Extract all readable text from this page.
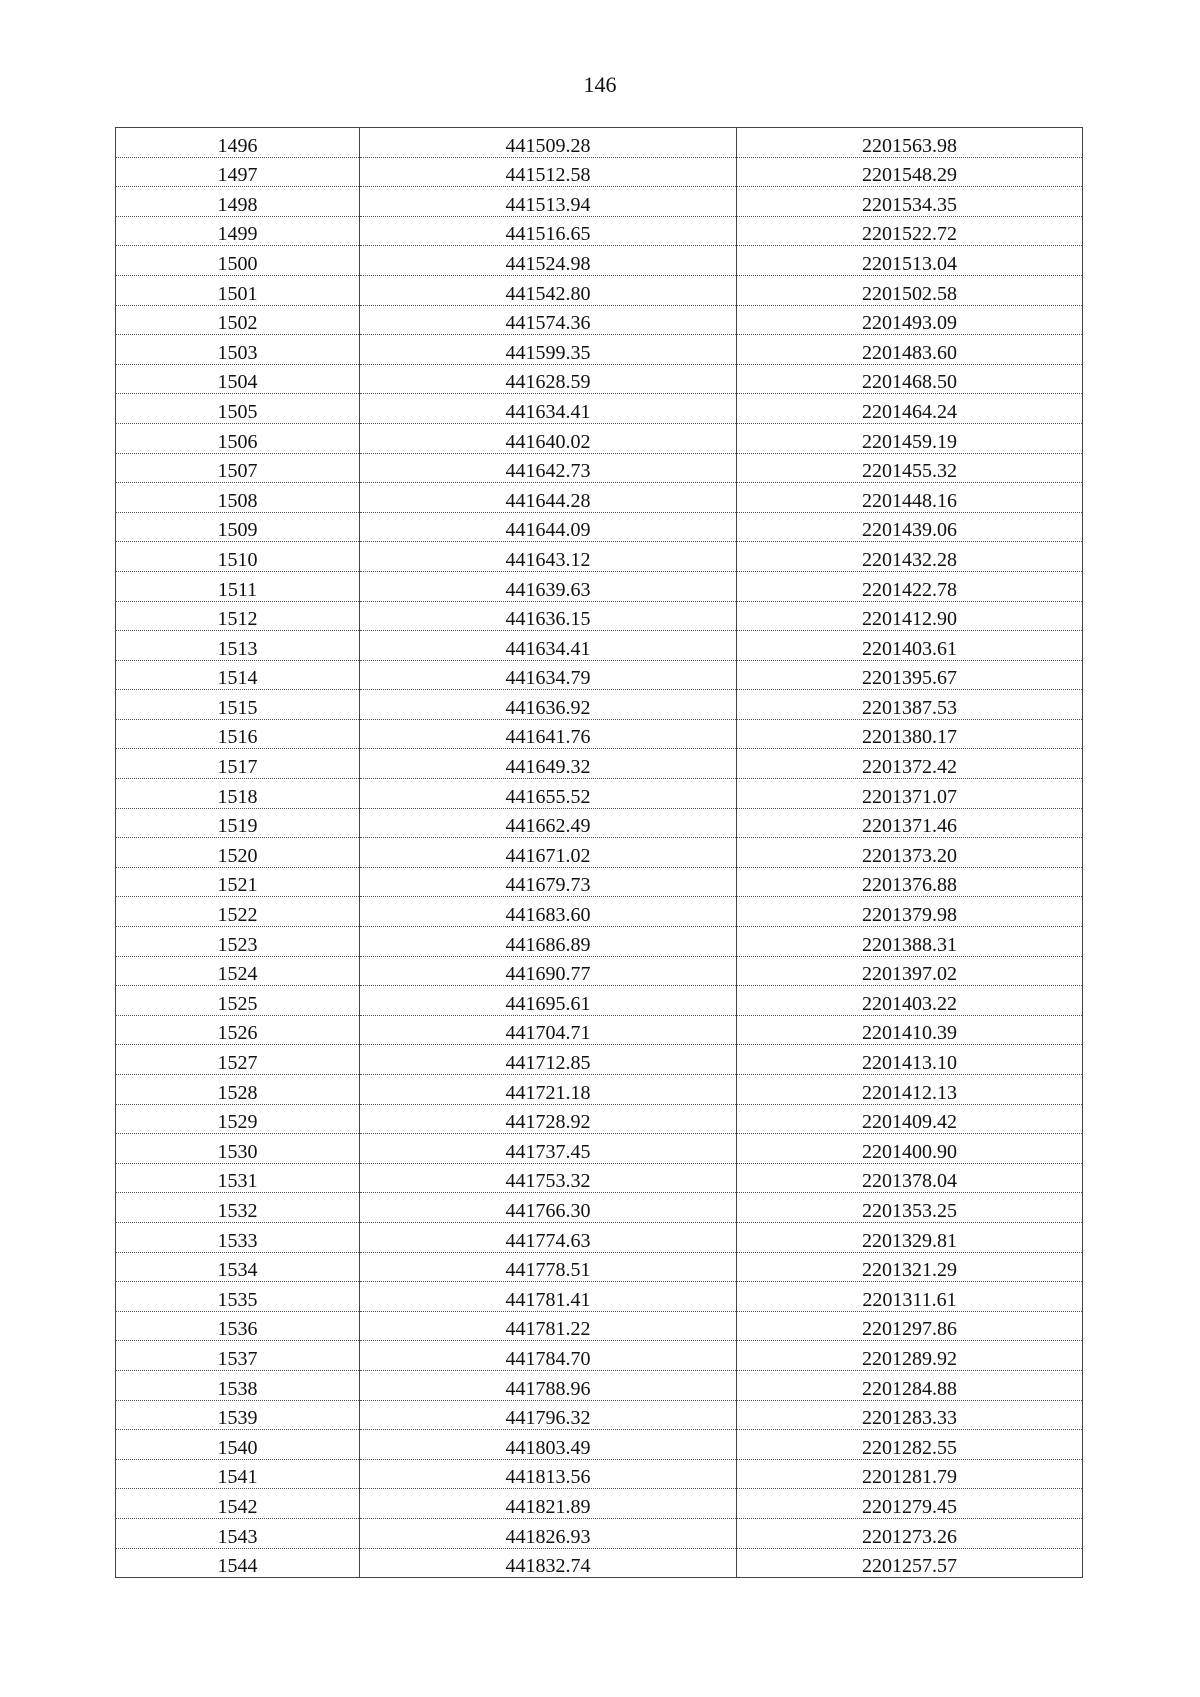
146
1496	441509.28	2201563.98
1497	441512.58	2201548.29
1498	441513.94	2201534.35
1499	441516.65	2201522.72
1500	441524.98	2201513.04
1501	441542.80	2201502.58
1502	441574.36	2201493.09
1503	441599.35	2201483.60
1504	441628.59	2201468.50
1505	441634.41	2201464.24
1506	441640.02	2201459.19
1507	441642.73	2201455.32
1508	441644.28	2201448.16
1509	441644.09	2201439.06
1510	441643.12	2201432.28
1511	441639.63	2201422.78
1512	441636.15	2201412.90
1513	441634.41	2201403.61
1514	441634.79	2201395.67
1515	441636.92	2201387.53
1516	441641.76	2201380.17
1517	441649.32	2201372.42
1518	441655.52	2201371.07
1519	441662.49	2201371.46
1520	441671.02	2201373.20
1521	441679.73	2201376.88
1522	441683.60	2201379.98
1523	441686.89	2201388.31
1524	441690.77	2201397.02
1525	441695.61	2201403.22
1526	441704.71	2201410.39
1527	441712.85	2201413.10
1528	441721.18	2201412.13
1529	441728.92	2201409.42
1530	441737.45	2201400.90
1531	441753.32	2201378.04
1532	441766.30	2201353.25
1533	441774.63	2201329.81
1534	441778.51	2201321.29
1535	441781.41	2201311.61
1536	441781.22	2201297.86
1537	441784.70	2201289.92
1538	441788.96	2201284.88
1539	441796.32	2201283.33
1540	441803.49	2201282.55
1541	441813.56	2201281.79
1542	441821.89	2201279.45
1543	441826.93	2201273.26
1544	441832.74	2201257.57
